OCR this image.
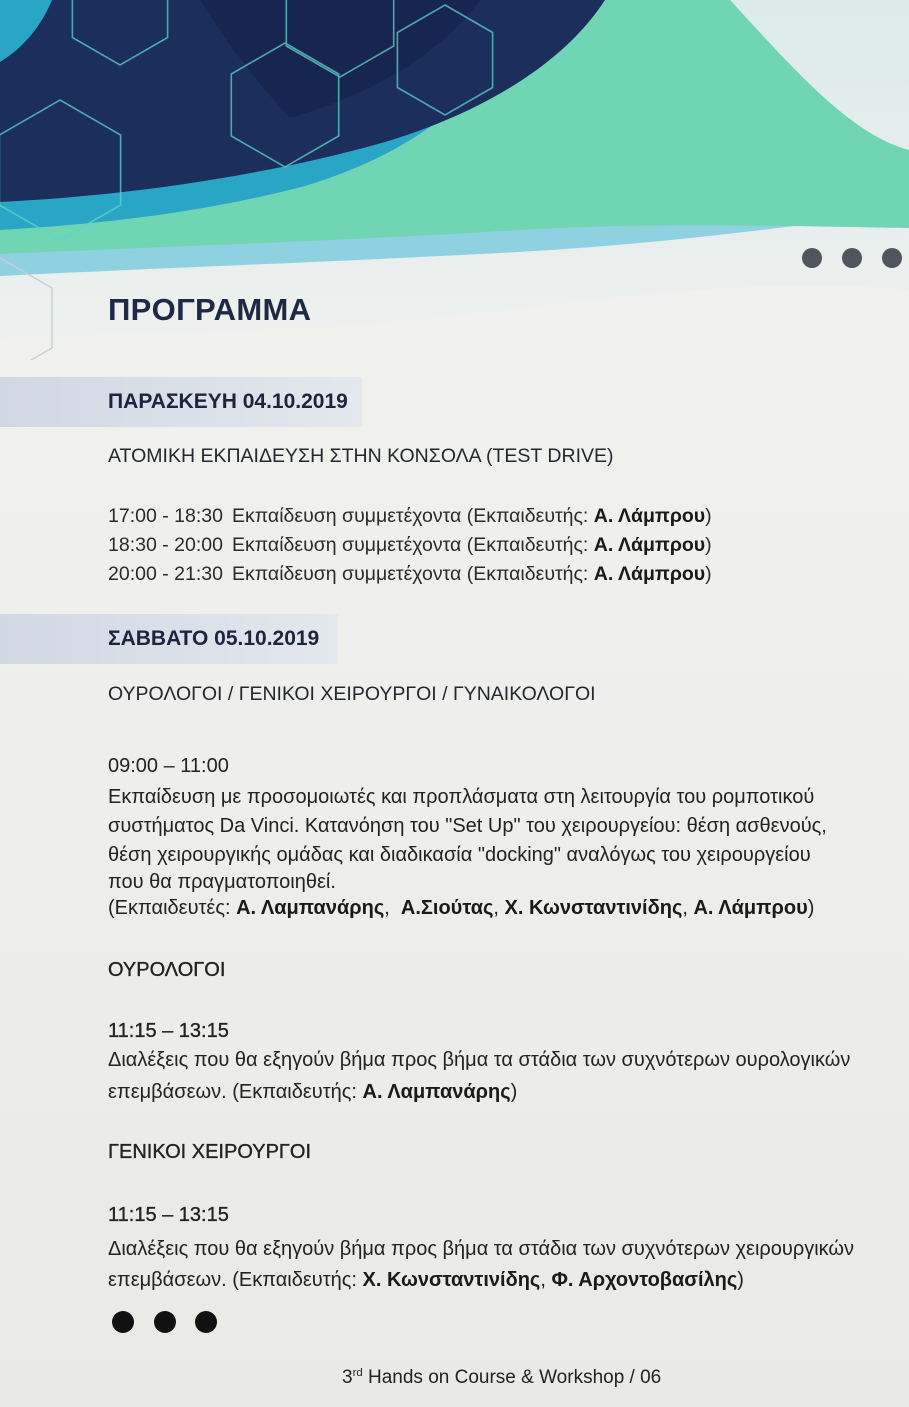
ΠΡΟΓΡΑΜΜΑ
ΠΑΡΑΣΚΕΥΗ 04.10.2019
ΑΤΟΜΙΚΗ ΕΚΠΑΙΔΕΥΣΗ ΣΤΗΝ ΚΟΝΣΟΛΑ (TEST DRIVE)
17:00 - 18:30 Εκπαίδευση συμμετέχοντα (Εκπαιδευτής: Α. Λάμπρου)
18:30 - 20:00 Εκπαίδευση συμμετέχοντα (Εκπαιδευτής: Α. Λάμπρου)
20:00 - 21:30 Εκπαίδευση συμμετέχοντα (Εκπαιδευτής: Α. Λάμπρου)
ΣΑΒΒΑΤΟ 05.10.2019
ΟΥΡΟΛΟΓΟΙ / ΓΕΝΙΚΟΙ ΧΕΙΡΟΥΡΓΟΙ / ΓΥΝΑΙΚΟΛΟΓΟΙ
09:00 – 11:00
Εκπαίδευση με προσομοιωτές και προπλάσματα στη λειτουργία του ρομποτικού
συστήματος Da Vinci. Κατανόηση του "Set Up" του χειρουργείου: θέση ασθενούς,
θέση χειρουργικής ομάδας και διαδικασία "docking" αναλόγως του χειρουργείου
που θα πραγματοποιηθεί.
(Εκπαιδευτές: Α. Λαμπανάρης,  Α.Σιούτας, Χ. Κωνσταντινίδης, Α. Λάμπρου)
ΟΥΡΟΛΟΓΟΙ
11:15 – 13:15
Διαλέξεις που θα εξηγούν βήμα προς βήμα τα στάδια των συχνότερων ουρολογικών
επεμβάσεων. (Εκπαιδευτής: Α. Λαμπανάρης)
ΓΕΝΙΚΟΙ ΧΕΙΡΟΥΡΓΟΙ
11:15 – 13:15
Διαλέξεις που θα εξηγούν βήμα προς βήμα τα στάδια των συχνότερων χειρουργικών
επεμβάσεων. (Εκπαιδευτής: Χ. Κωνσταντινίδης, Φ. Αρχοντοβασίλης)
3rd Hands on Course & Workshop / 06
